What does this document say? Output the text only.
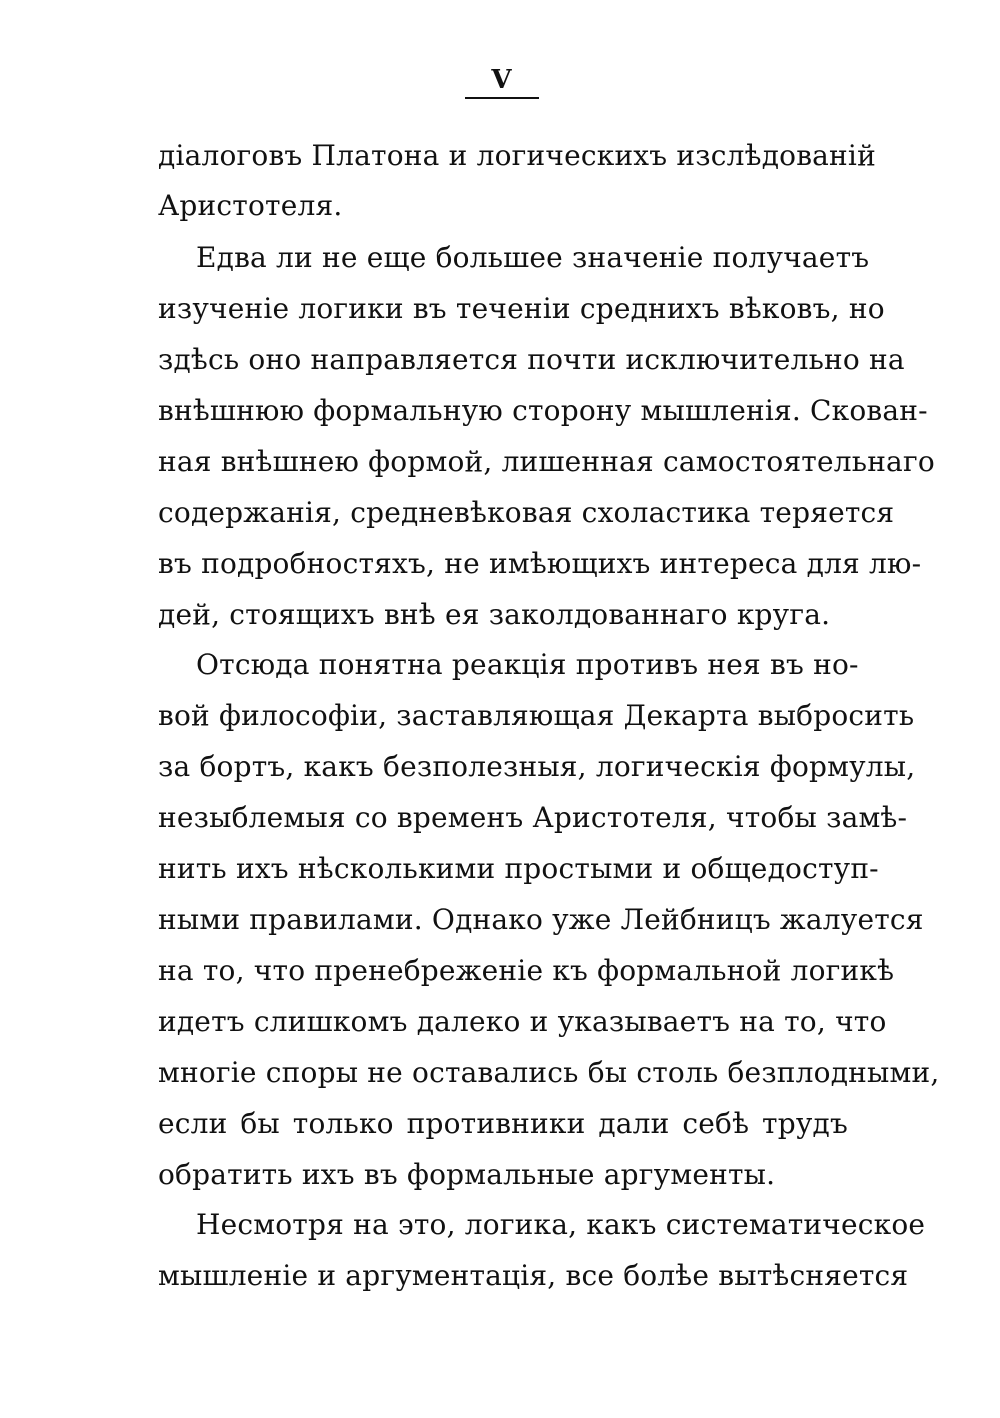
V
діалоговъ Платона и логическихъ изслѣдованій
Аристотеля.
Едва ли не еще большее значеніе получаетъ
изученіе логики въ теченіи среднихъ вѣковъ, но
здѣсь оно направляется почти исключительно на
внѣшнюю формальную сторону мышленія. Скован-
ная внѣшнею формой, лишенная самостоятельнаго
содержанія, средневѣковая схоластика теряется
въ подробностяхъ, не имѣющихъ интереса для лю-
дей, стоящихъ внѣ ея заколдованнаго круга.
Отсюда понятна реакція противъ нея въ но-
вой философіи, заставляющая Декарта выбросить
за бортъ, какъ безполезныя, логическія формулы,
незыблемыя со временъ Аристотеля, чтобы замѣ-
нить ихъ нѣсколькими простыми и общедоступ-
ными правилами. Однако уже Лейбницъ жалуется
на то, что пренебреженіе къ формальной логикѣ
идетъ слишкомъ далеко и указываетъ на то, что
многіе споры не оставались бы столь безплодными,
если бы только противники дали себѣ трудъ
обратить ихъ въ формальные аргументы.
Несмотря на это, логика, какъ систематическое
мышленіе и аргументація, все болѣе вытѣсняется
